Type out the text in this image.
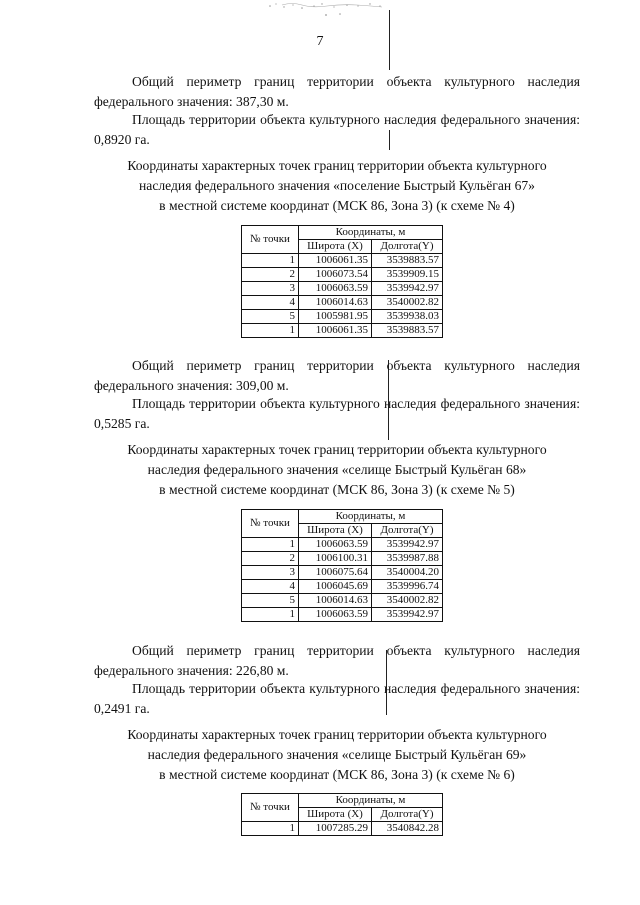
7

Общий периметр границ территории объекта культурного наследия федерального значения: 387,30 м.

Площадь территории объекта культурного наследия федерального значения: 0,8920 га.

Координаты характерных точек границ территории объекта культурного
наследия федерального значения «поселение Быстрый Кульёган 67»
в местной системе координат (МСК 86, Зона 3) (к схеме № 4)
№ точки	Координаты, м	
	Широта (X)	Долгота(Y)
1	1006061.35	3539883.57
2	1006073.54	3539909.15
3	1006063.59	3539942.97
4	1006014.63	3540002.82
5	1005981.95	3539938.03
1	1006061.35	3539883.57

Общий периметр границ территории объекта культурного наследия федерального значения: 309,00 м.

Площадь территории объекта культурного наследия федерального значения: 0,5285 га.

Координаты характерных точек границ территории объекта культурного
наследия федерального значения «селище Быстрый Кульёган 68»
в местной системе координат (МСК 86, Зона 3) (к схеме № 5)
№ точки	Координаты, м	
	Широта (X)	Долгота(Y)
1	1006063.59	3539942.97
2	1006100.31	3539987.88
3	1006075.64	3540004.20
4	1006045.69	3539996.74
5	1006014.63	3540002.82
1	1006063.59	3539942.97

Общий периметр границ территории объекта культурного наследия федерального значения: 226,80 м.

Площадь территории объекта культурного наследия федерального значения: 0,2491 га.

Координаты характерных точек границ территории объекта культурного
наследия федерального значения «селище Быстрый Кульёган 69»
в местной системе координат (МСК 86, Зона 3) (к схеме № 6)
№ точки	Координаты, м	
	Широта (X)	Долгота(Y)
1	1007285.29	3540842.28
